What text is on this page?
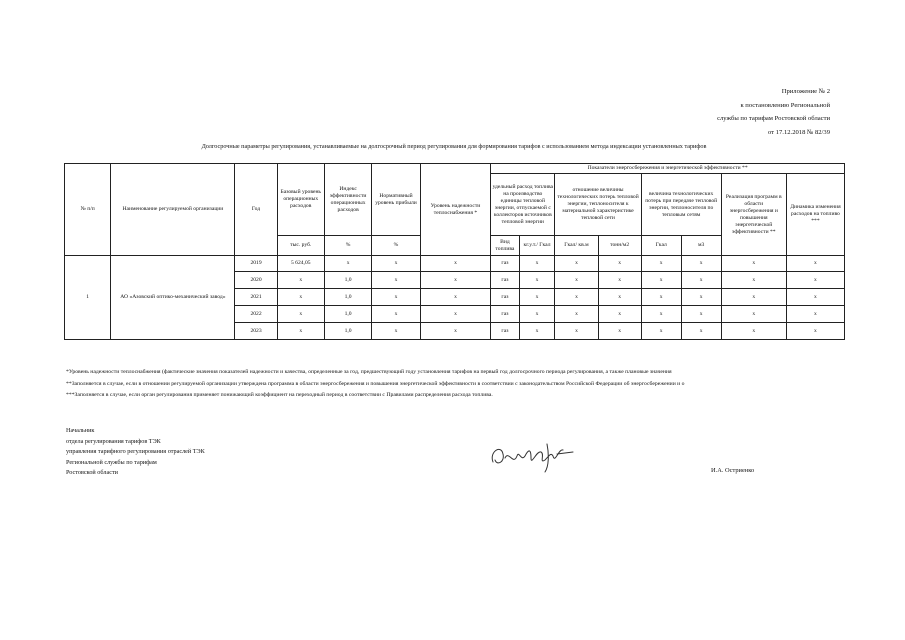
Приложение № 2
к постановлению Региональной
службы по тарифам Ростовской области
от 17.12.2018 № 82/39
Долгосрочные параметры регулирования, устанавливаемые на долгосрочный период регулирования для формирования тарифов с использованием метода индексации установленных тарифов
№ п/п	Наименование регулируемой организации	Год	Базовый уровень операционных расходов	Индекс эффективности операционных расходов	Нормативный уровень прибыли	Уровень надежности теплоснабжения *	Показатели энергосбережения и энергетической эффективности **							
							удельный расход топлива на производство единицы тепловой энергии, отпускаемой с коллекторов источников тепловой энергии		отношение величины технологических потерь тепловой энергии, теплоносителя к материальной характеристике тепловой сети		величина технологических потерь при передаче тепловой энергии, теплоносителя по тепловым сетям		Реализация программ в области энергосбережения и повышения энергетической эффективности **	Динамика изменения расходов на топливо ***
			тыс. руб.	%	%		Вид топлива	кг.у.т./ Гкал	Гкал/ кв.м	тонн/м2	Гкал	м3		
1	АО «Азовский оптико-механический завод»	2019	5 624,05	х	х	х	газ	х	х	х	х	х	х	х
		2020	х	1,0	х	х	газ	х	х	х	х	х	х	х
		2021	х	1,0	х	х	газ	х	х	х	х	х	х	х
		2022	х	1,0	х	х	газ	х	х	х	х	х	х	х
		2023	х	1,0	х	х	газ	х	х	х	х	х	х	х
*Уровень надежности теплоснабжения (фактические значения показателей надежности и качества, определенные за год, предшествующий году установления тарифов на первый год долгосрочного периода регулирования, а также плановые значения
**Заполняется в случае, если в отношении регулируемой организации утверждена программа в области энергосбережения и повышения энергетической эффективности в соответствии с законодательством Российской Федерации об энергосбережении и о
***Заполняется в случае, если орган регулирования применяет понижающий коэффициент на переходный период в соответствии с Правилами распределения расхода топлива.
Начальник
отдела регулирования тарифов ТЭК
управления тарифного регулирования отраслей ТЭК
Региональной службы по тарифам
Ростовской области	И.А. Остриенко
